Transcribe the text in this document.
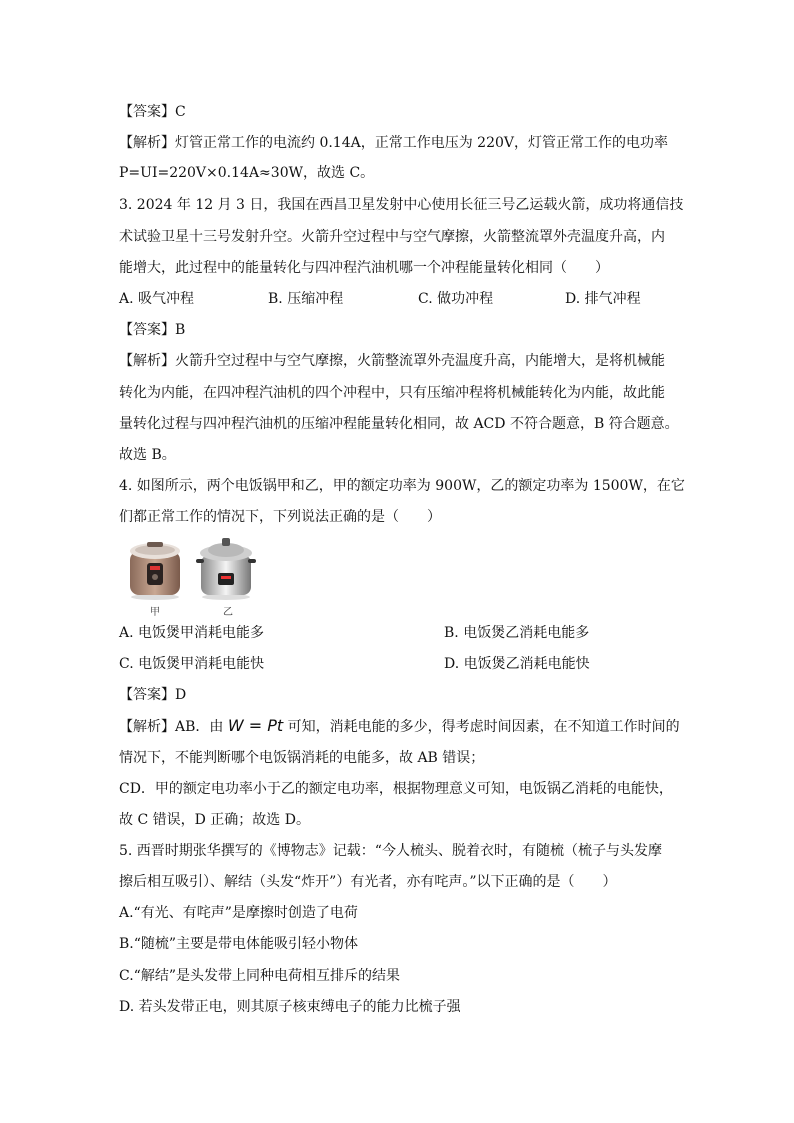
【答案】C
【解析】灯管正常工作的电流约 0.14A，正常工作电压为 220V，灯管正常工作的电功率
P=UI=220V×0.14A≈30W，故选 C。
3. 2024 年 12 月 3 日，我国在西昌卫星发射中心使用长征三号乙运载火箭，成功将通信技
术试验卫星十三号发射升空。火箭升空过程中与空气摩擦，火箭整流罩外壳温度升高，内
能增大，此过程中的能量转化与四冲程汽油机哪一个冲程能量转化相同（　　）
A. 吸气冲程	B. 压缩冲程	C. 做功冲程	D. 排气冲程
【答案】B
【解析】火箭升空过程中与空气摩擦，火箭整流罩外壳温度升高，内能增大，是将机械能
转化为内能，在四冲程汽油机的四个冲程中，只有压缩冲程将机械能转化为内能，故此能
量转化过程与四冲程汽油机的压缩冲程能量转化相同，故 ACD 不符合题意，B 符合题意。
故选 B。
4. 如图所示，两个电饭锅甲和乙，甲的额定功率为 900W，乙的额定功率为 1500W，在它
们都正常工作的情况下，下列说法正确的是（　　）
甲	乙
A. 电饭煲甲消耗电能多	B. 电饭煲乙消耗电能多
C. 电饭煲甲消耗电能快	D. 电饭煲乙消耗电能快
【答案】D
【解析】AB．由 W = Pt 可知，消耗电能的多少，得考虑时间因素，在不知道工作时间的
情况下，不能判断哪个电饭锅消耗的电能多，故 AB 错误；
CD．甲的额定电功率小于乙的额定电功率，根据物理意义可知，电饭锅乙消耗的电能快，
故 C 错误，D 正确；故选 D。
5. 西晋时期张华撰写的《博物志》记载：“今人梳头、脱着衣时，有随梳（梳子与头发摩
擦后相互吸引）、解结（头发“炸开”）有光者，亦有咤声。”以下正确的是（　　）
A.“有光、有咤声”是摩擦时创造了电荷
B.“随梳”主要是带电体能吸引轻小物体
C.“解结”是头发带上同种电荷相互排斥的结果
D. 若头发带正电，则其原子核束缚电子的能力比梳子强
